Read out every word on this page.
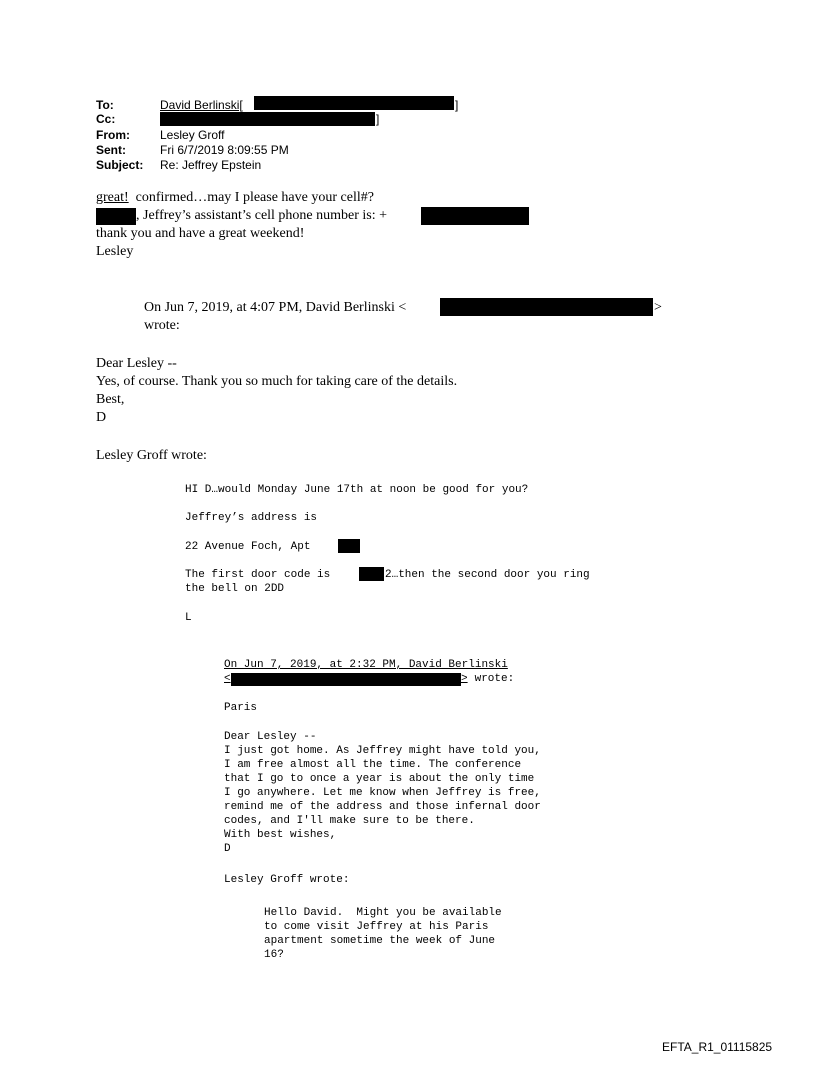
To:	David Berlinski[	]
Cc:	]
From:	Lesley Groff
Sent:	Fri 6/7/2019 8:09:55 PM
Subject: Re: Jeffrey Epstein
great!  confirmed…may I please have your cell#?
, Jeffrey’s assistant’s cell phone number is: +
thank you and have a great weekend!
Lesley
On Jun 7, 2019, at 4:07 PM, David Berlinski <	>
wrote:
Dear Lesley --
Yes, of course. Thank you so much for taking care of the details.
Best,
D
Lesley Groff wrote:
HI D…would Monday June 17th at noon be good for you?
Jeffrey’s address is
22 Avenue Foch, Apt
The first door code is	2…then the second door you ring
the bell on 2DD
L
On Jun 7, 2019, at 2:32 PM, David Berlinski
<	> wrote:
Paris
Dear Lesley --
I just got home. As Jeffrey might have told you,
I am free almost all the time. The conference
that I go to once a year is about the only time
I go anywhere. Let me know when Jeffrey is free,
remind me of the address and those infernal door
codes, and I'll make sure to be there.
With best wishes,
D
Lesley Groff wrote:
Hello David.  Might you be available
to come visit Jeffrey at his Paris
apartment sometime the week of June
16?
EFTA_R1_01115825
